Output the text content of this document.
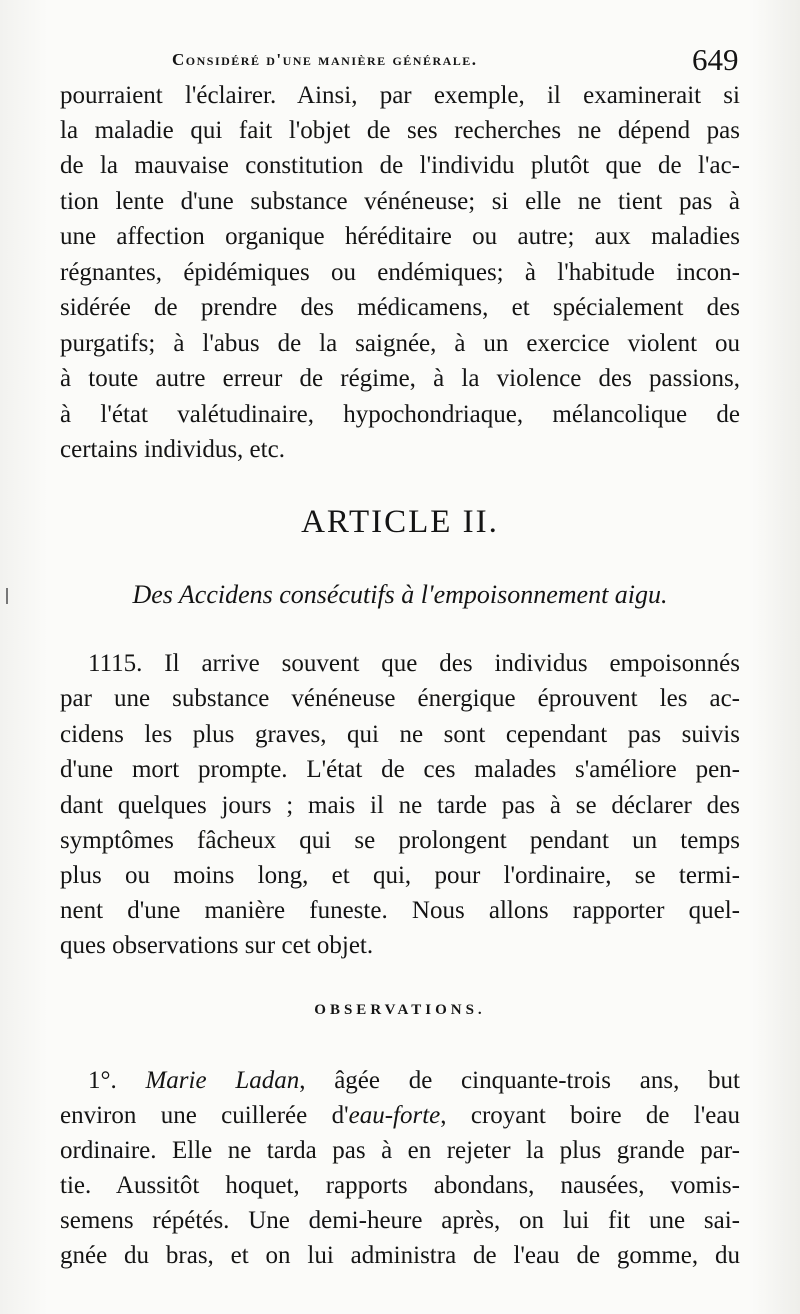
Considéré d'une manière générale.	649
pourraient l'éclairer. Ainsi, par exemple, il examinerait si
la maladie qui fait l'objet de ses recherches ne dépend pas
de la mauvaise constitution de l'individu plutôt que de l'ac-
tion lente d'une substance vénéneuse; si elle ne tient pas à
une affection organique héréditaire ou autre; aux maladies
régnantes, épidémiques ou endémiques; à l'habitude incon-
sidérée de prendre des médicamens, et spécialement des
purgatifs; à l'abus de la saignée, à un exercice violent ou
à toute autre erreur de régime, à la violence des passions,
à l'état valétudinaire, hypochondriaque, mélancolique de
certains individus, etc.
ARTICLE II.
Des Accidens consécutifs à l'empoisonnement aigu.
1115. Il arrive souvent que des individus empoisonnés
par une substance vénéneuse énergique éprouvent les ac-
cidens les plus graves, qui ne sont cependant pas suivis
d'une mort prompte. L'état de ces malades s'améliore pen-
dant quelques jours ; mais il ne tarde pas à se déclarer des
symptômes fâcheux qui se prolongent pendant un temps
plus ou moins long, et qui, pour l'ordinaire, se termi-
nent d'une manière funeste. Nous allons rapporter quel-
ques observations sur cet objet.
OBSERVATIONS.
1°. Marie Ladan, âgée de cinquante-trois ans, but
environ une cuillerée d'eau-forte, croyant boire de l'eau
ordinaire. Elle ne tarda pas à en rejeter la plus grande par-
tie. Aussitôt hoquet, rapports abondans, nausées, vomis-
semens répétés. Une demi-heure après, on lui fit une sai-
gnée du bras, et on lui administra de l'eau de gomme, du
